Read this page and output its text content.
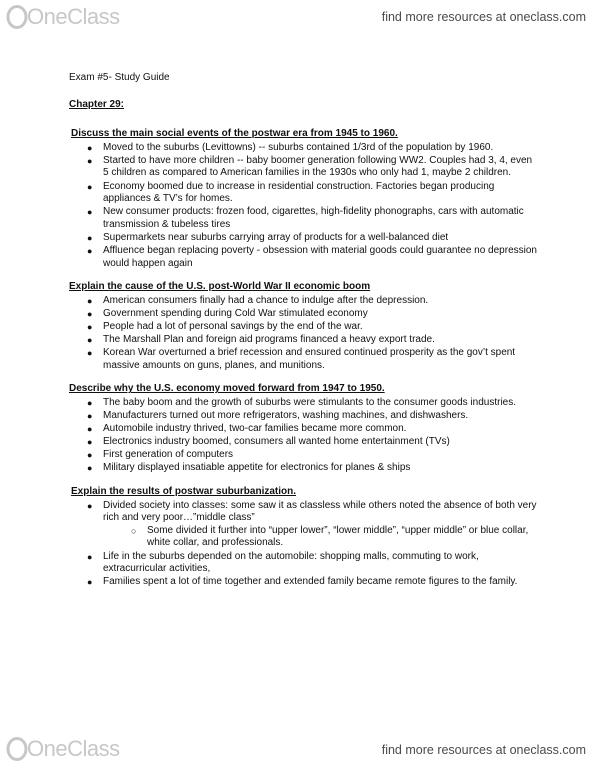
OneClass	find more resources at oneclass.com
Exam #5- Study Guide
Chapter 29:
Discuss the main social events of the postwar era from 1945 to 1960.
● Moved to the suburbs (Levittowns) -- suburbs contained 1/3rd of the population by 1960.
● Started to have more children -- baby boomer generation following WW2. Couples had 3, 4, even 5 children as compared to American families in the 1930s who only had 1, maybe 2 children.
● Economy boomed due to increase in residential construction. Factories began producing appliances & TV’s for homes.
● New consumer products: frozen food, cigarettes, high-fidelity phonographs, cars with automatic transmission & tubeless tires
● Supermarkets near suburbs carrying array of products for a well-balanced diet
● Affluence began replacing poverty - obsession with material goods could guarantee no depression would happen again
Explain the cause of the U.S. post-World War II economic boom
● American consumers finally had a chance to indulge after the depression.
● Government spending during Cold War stimulated economy
● People had a lot of personal savings by the end of the war.
● The Marshall Plan and foreign aid programs financed a heavy export trade.
● Korean War overturned a brief recession and ensured continued prosperity as the gov’t spent massive amounts on guns, planes, and munitions.
Describe why the U.S. economy moved forward from 1947 to 1950.
● The baby boom and the growth of suburbs were stimulants to the consumer goods industries.
● Manufacturers turned out more refrigerators, washing machines, and dishwashers.
● Automobile industry thrived, two-car families became more common.
● Electronics industry boomed, consumers all wanted home entertainment (TVs)
● First generation of computers
● Military displayed insatiable appetite for electronics for planes & ships
Explain the results of postwar suburbanization.
● Divided society into classes: some saw it as classless while others noted the absence of both very rich and very poor…”middle class”
○ Some divided it further into “upper lower”, “lower middle”, “upper middle” or blue collar, white collar, and professionals.
● Life in the suburbs depended on the automobile: shopping malls, commuting to work, extracurricular activities,
● Families spent a lot of time together and extended family became remote figures to the family.
OneClass	find more resources at oneclass.com
